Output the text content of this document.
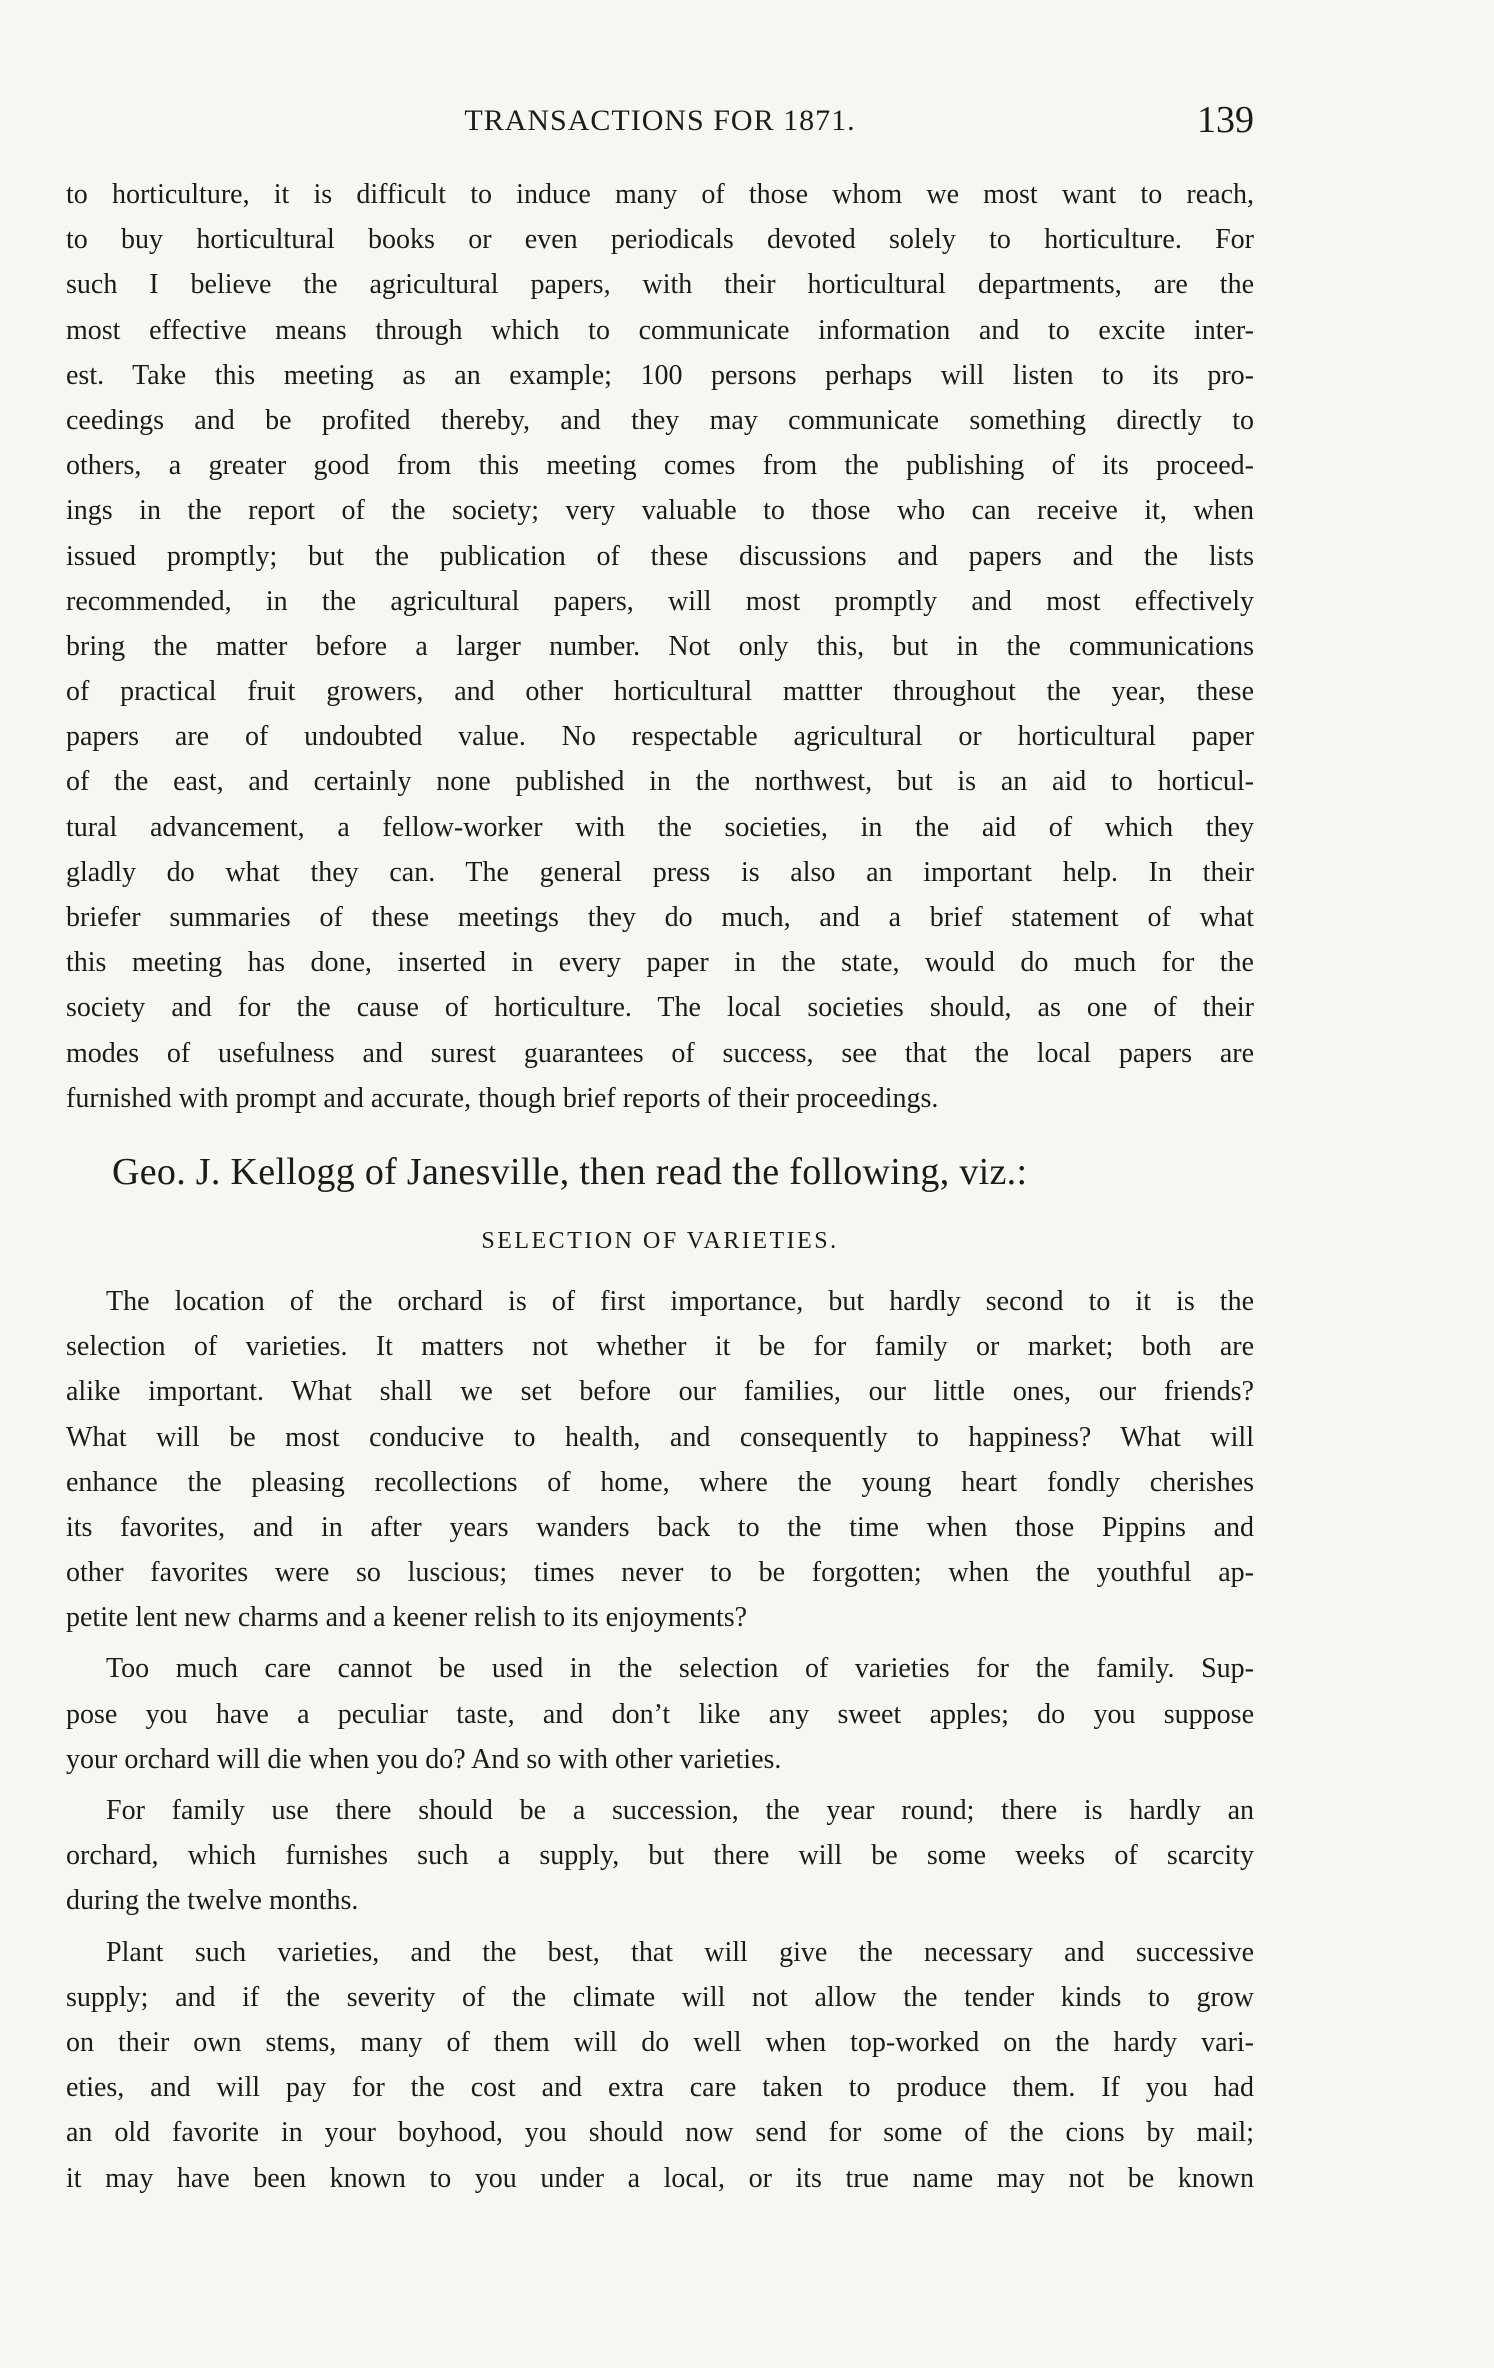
TRANSACTIONS FOR 1871.	139
to horticulture, it is difficult to induce many of those whom we most want to reach,
to buy horticultural books or even periodicals devoted solely to horticulture. For
such I believe the agricultural papers, with their horticultural departments, are the
most effective means through which to communicate information and to excite inter-
est. Take this meeting as an example; 100 persons perhaps will listen to its pro-
ceedings and be profited thereby, and they may communicate something directly to
others, a greater good from this meeting comes from the publishing of its proceed-
ings in the report of the society; very valuable to those who can receive it, when
issued promptly; but the publication of these discussions and papers and the lists
recommended, in the agricultural papers, will most promptly and most effectively
bring the matter before a larger number. Not only this, but in the communications
of practical fruit growers, and other horticultural mattter throughout the year, these
papers are of undoubted value. No respectable agricultural or horticultural paper
of the east, and certainly none published in the northwest, but is an aid to horticul-
tural advancement, a fellow-worker with the societies, in the aid of which they
gladly do what they can. The general press is also an important help. In their
briefer summaries of these meetings they do much, and a brief statement of what
this meeting has done, inserted in every paper in the state, would do much for the
society and for the cause of horticulture. The local societies should, as one of their
modes of usefulness and surest guarantees of success, see that the local papers are
furnished with prompt and accurate, though brief reports of their proceedings.
Geo. J. Kellogg of Janesville, then read the following, viz.:
SELECTION OF VARIETIES.
The location of the orchard is of first importance, but hardly second to it is the
selection of varieties. It matters not whether it be for family or market; both are
alike important. What shall we set before our families, our little ones, our friends?
What will be most conducive to health, and consequently to happiness? What will
enhance the pleasing recollections of home, where the young heart fondly cherishes
its favorites, and in after years wanders back to the time when those Pippins and
other favorites were so luscious; times never to be forgotten; when the youthful ap-
petite lent new charms and a keener relish to its enjoyments?
Too much care cannot be used in the selection of varieties for the family. Sup-
pose you have a peculiar taste, and don’t like any sweet apples; do you suppose
your orchard will die when you do? And so with other varieties.
For family use there should be a succession, the year round; there is hardly an
orchard, which furnishes such a supply, but there will be some weeks of scarcity
during the twelve months.
Plant such varieties, and the best, that will give the necessary and successive
supply; and if the severity of the climate will not allow the tender kinds to grow
on their own stems, many of them will do well when top-worked on the hardy vari-
eties, and will pay for the cost and extra care taken to produce them. If you had
an old favorite in your boyhood, you should now send for some of the cions by mail;
it may have been known to you under a local, or its true name may not be known
